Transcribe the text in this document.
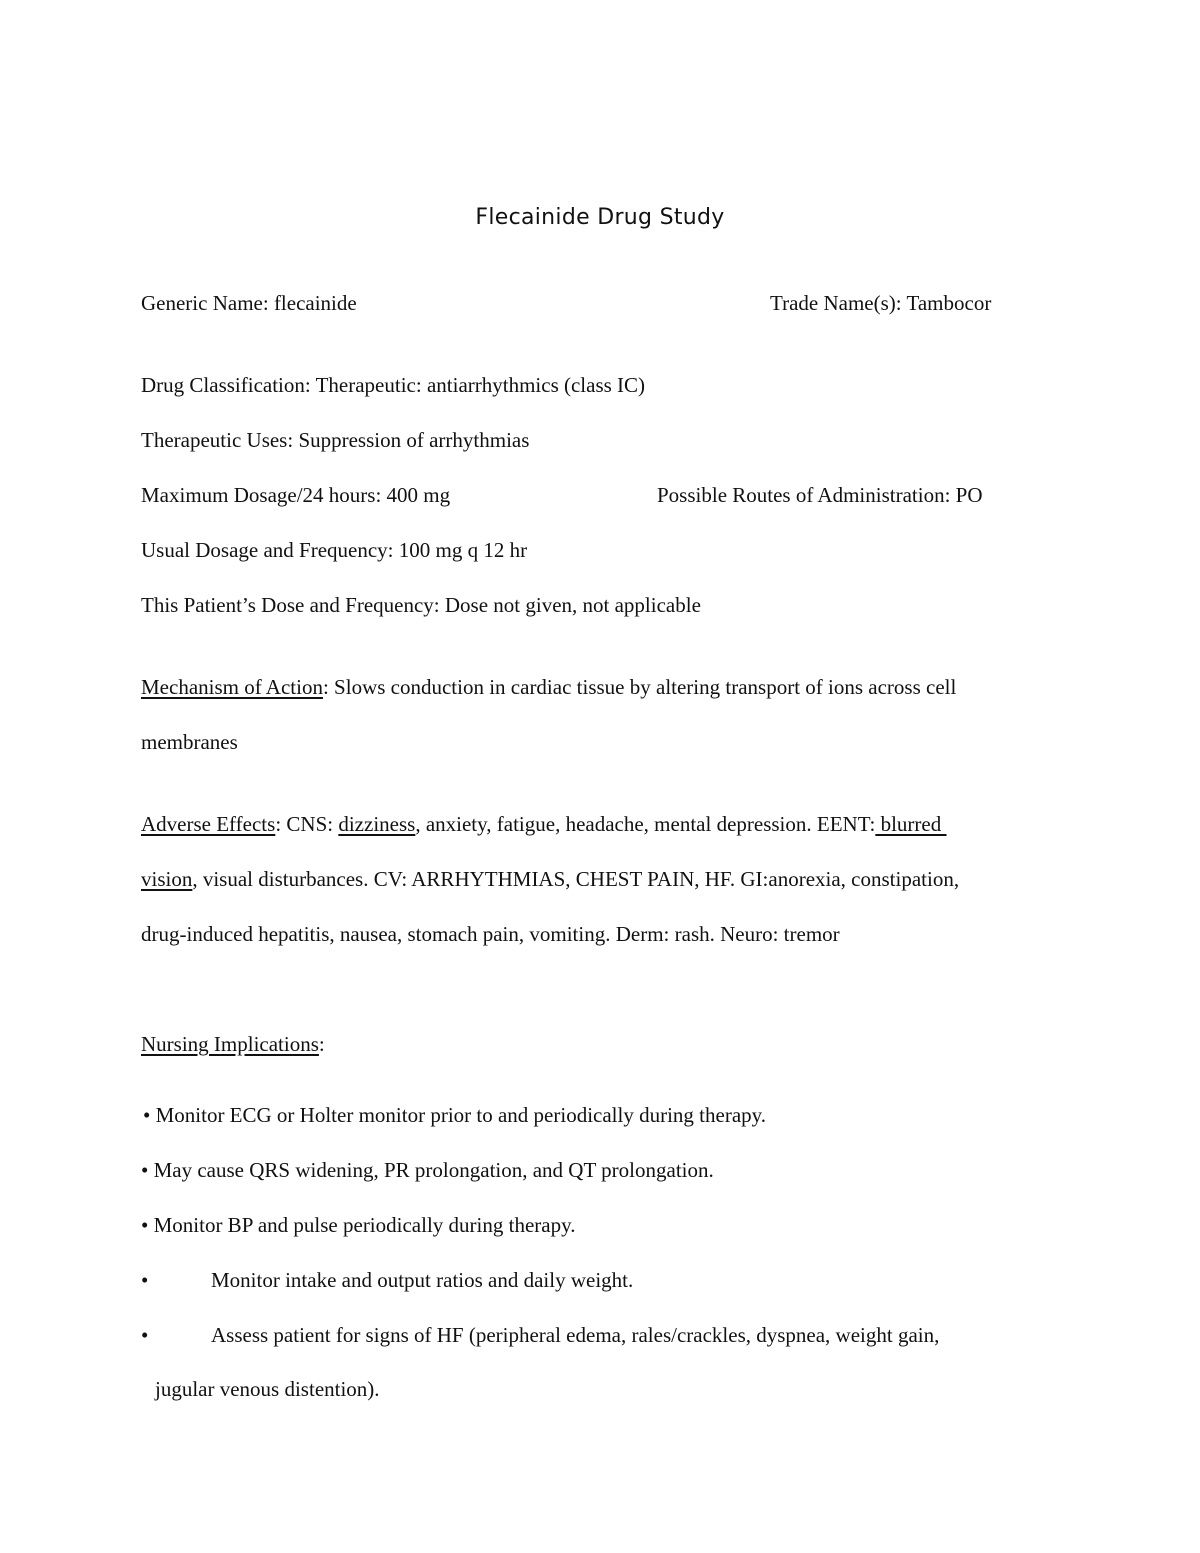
Flecainide Drug Study
Generic Name: flecainide	Trade Name(s): Tambocor
Drug Classification: Therapeutic: antiarrhythmics (class IC)
Therapeutic Uses: Suppression of arrhythmias
Maximum Dosage/24 hours: 400 mg	Possible Routes of Administration: PO
Usual Dosage and Frequency: 100 mg q 12 hr
This Patient’s Dose and Frequency: Dose not given, not applicable
Mechanism of Action: Slows conduction in cardiac tissue by altering transport of ions across cell
membranes
Adverse Effects: CNS: dizziness, anxiety, fatigue, headache, mental depression. EENT: blurred
vision, visual disturbances. CV: ARRHYTHMIAS, CHEST PAIN, HF. GI:anorexia, constipation,
drug-induced hepatitis, nausea, stomach pain, vomiting. Derm: rash. Neuro: tremor
Nursing Implications:
• Monitor ECG or Holter monitor prior to and periodically during therapy.
• May cause QRS widening, PR prolongation, and QT prolongation.
• Monitor BP and pulse periodically during therapy.
•	Monitor intake and output ratios and daily weight.
•	Assess patient for signs of HF (peripheral edema, rales/crackles, dyspnea, weight gain,
jugular venous distention).
